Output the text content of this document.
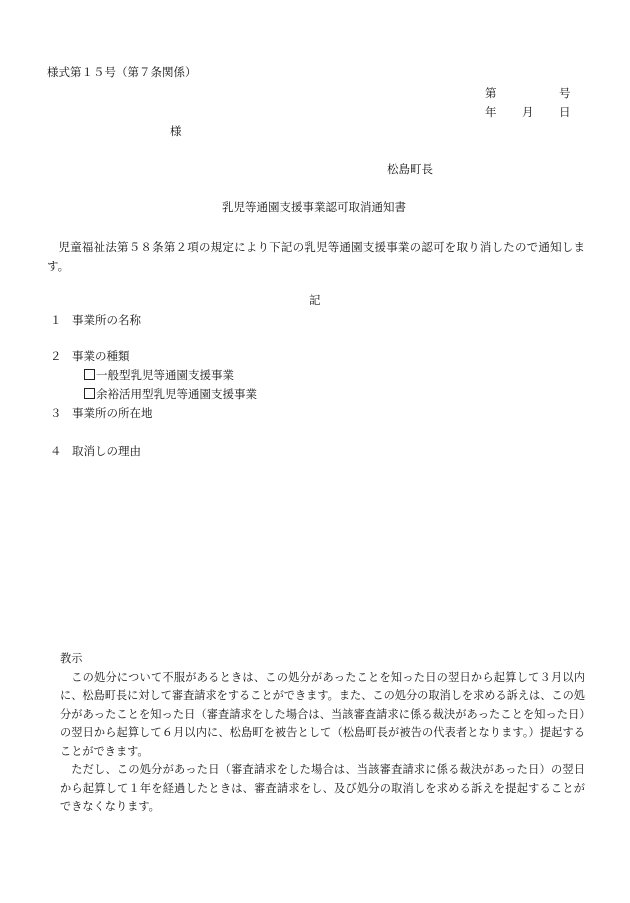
様式第１５号（第７条関係）
第	号
年 月 日
様
松島町長
乳児等通園支援事業認可取消通知書
児童福祉法第５８条第２項の規定により下記の乳児等通園支援事業の認可を取り消したので通知します。
記
１ 事業所の名称
２ 事業の種類
一般型乳児等通園支援事業
余裕活用型乳児等通園支援事業
３ 事業所の所在地
４ 取消しの理由

教示

この処分について不服があるときは、この処分があったことを知った日の翌日から起算して３月以内に、松島町長に対して審査請求をすることができます。また、この処分の取消しを求める訴えは、この処分があったことを知った日（審査請求をした場合は、当該審査請求に係る裁決があったことを知った日）の翌日から起算して６月以内に、松島町を被告として（松島町長が被告の代表者となります。）提起することができます。

ただし、この処分があった日（審査請求をした場合は、当該審査請求に係る裁決があった日）の翌日から起算して１年を経過したときは、審査請求をし、及び処分の取消しを求める訴えを提起することができなくなります。
